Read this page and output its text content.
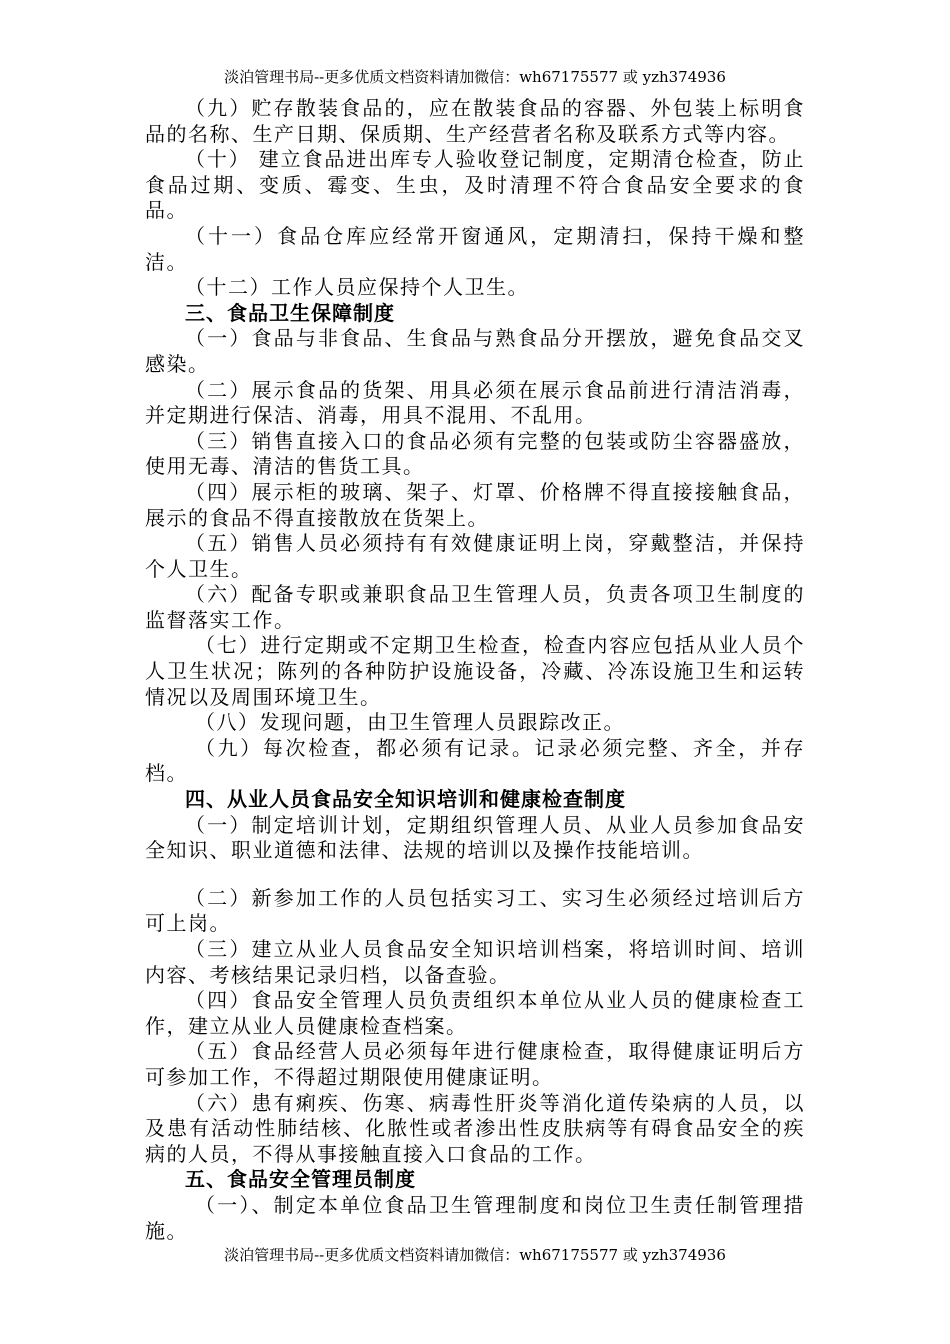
淡泊管理书局--更多优质文档资料请加微信：wh67175577 或 yzh374936

（九）贮存散装食品的，应在散装食品的容器、外包装上标明食品的名称、生产日期、保质期、生产经营者名称及联系方式等内容。

（十） 建立食品进出库专人验收登记制度，定期清仓检查，防止食品过期、变质、霉变、生虫，及时清理不符合食品安全要求的食品。

（十一）食品仓库应经常开窗通风，定期清扫，保持干燥和整洁。

（十二）工作人员应保持个人卫生。

三、食品卫生保障制度

（一）食品与非食品、生食品与熟食品分开摆放，避免食品交叉感染。

（二）展示食品的货架、用具必须在展示食品前进行清洁消毒，并定期进行保洁、消毒，用具不混用、不乱用。

（三）销售直接入口的食品必须有完整的包装或防尘容器盛放，使用无毒、清洁的售货工具。

（四）展示柜的玻璃、架子、灯罩、价格牌不得直接接触食品，展示的食品不得直接散放在货架上。

（五）销售人员必须持有有效健康证明上岗，穿戴整洁，并保持个人卫生。

（六）配备专职或兼职食品卫生管理人员，负责各项卫生制度的监督落实工作。

（七）进行定期或不定期卫生检查，检查内容应包括从业人员个人卫生状况；陈列的各种防护设施设备，冷藏、冷冻设施卫生和运转情况以及周围环境卫生。

（八）发现问题，由卫生管理人员跟踪改正。

（九）每次检查，都必须有记录。记录必须完整、齐全，并存档。

四、从业人员食品安全知识培训和健康检查制度

（一）制定培训计划，定期组织管理人员、从业人员参加食品安全知识、职业道德和法律、法规的培训以及操作技能培训。

（二）新参加工作的人员包括实习工、实习生必须经过培训后方可上岗。

（三）建立从业人员食品安全知识培训档案，将培训时间、培训内容、考核结果记录归档，以备查验。

（四）食品安全管理人员负责组织本单位从业人员的健康检查工作，建立从业人员健康检查档案。

（五）食品经营人员必须每年进行健康检查，取得健康证明后方可参加工作，不得超过期限使用健康证明。

（六）患有痢疾、伤寒、病毒性肝炎等消化道传染病的人员，以及患有活动性肺结核、化脓性或者渗出性皮肤病等有碍食品安全的疾病的人员，不得从事接触直接入口食品的工作。

五、食品安全管理员制度

（一）、制定本单位食品卫生管理制度和岗位卫生责任制管理措施。

淡泊管理书局--更多优质文档资料请加微信：wh67175577 或 yzh374936
